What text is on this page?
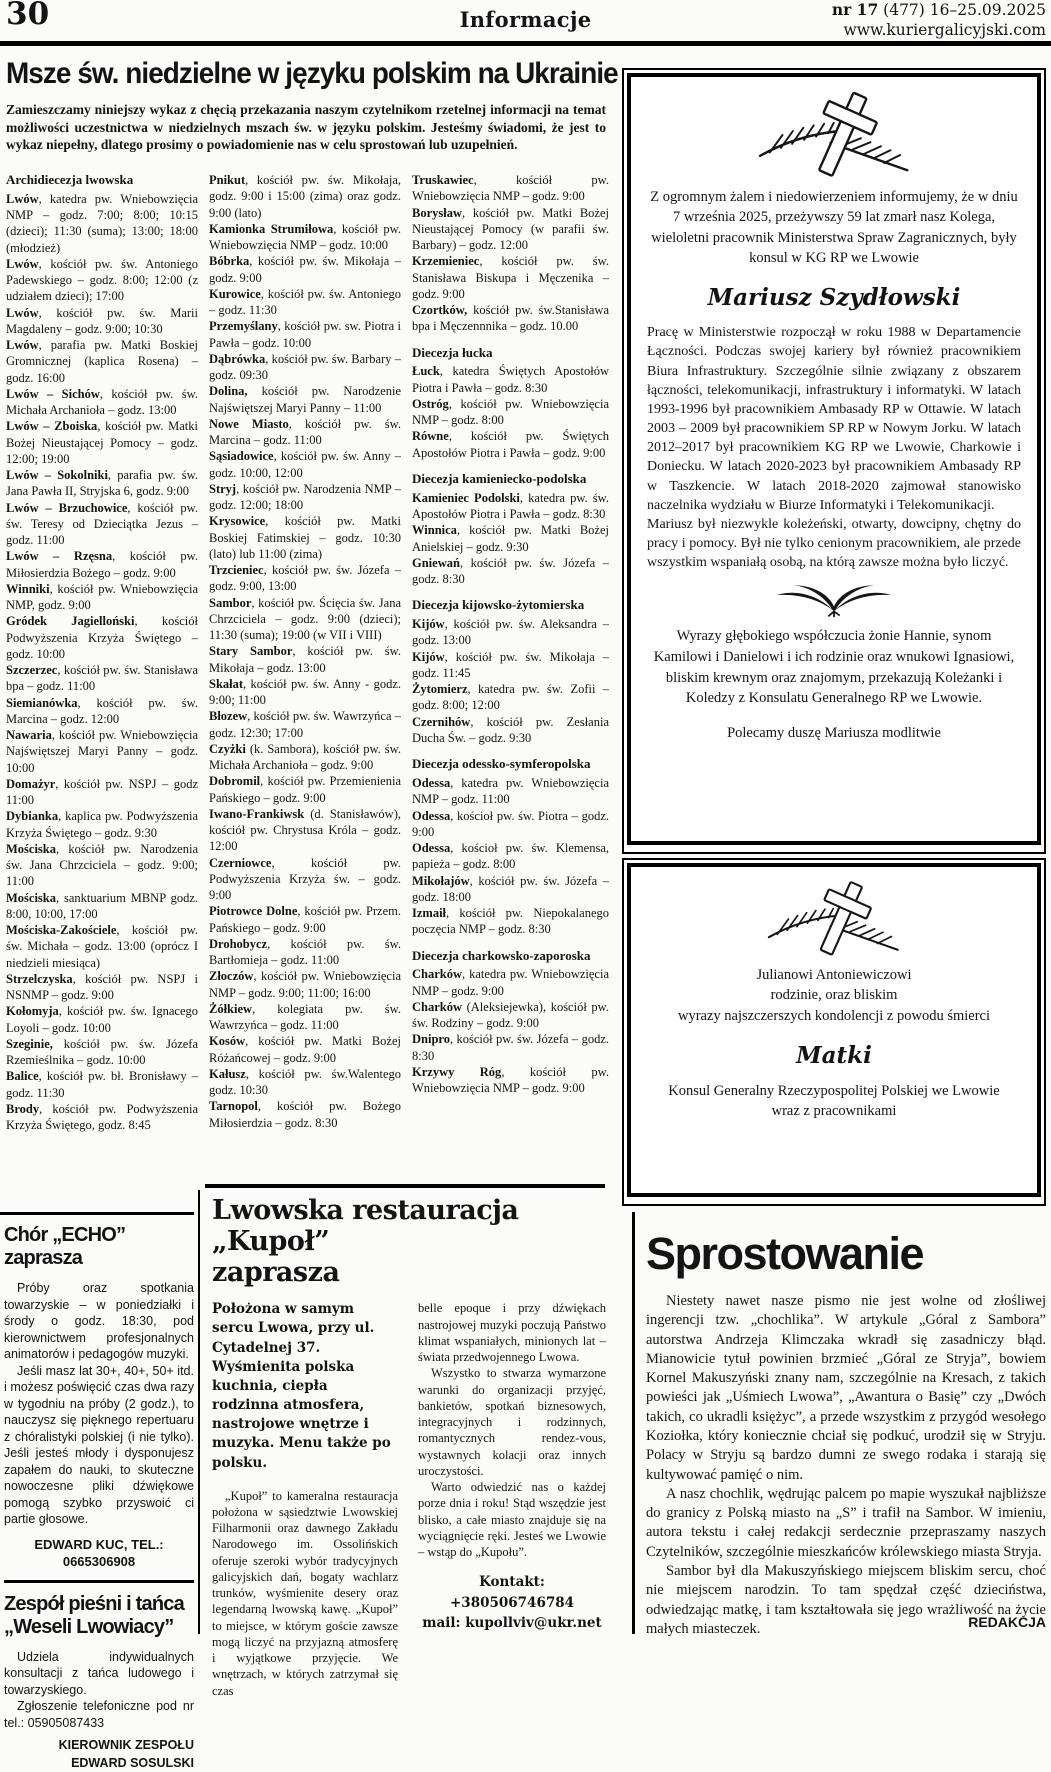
30	Informacje	nr 17 (477) 16–25.09.2025
www.kuriergalicyjski.com
Msze św. niedzielne w języku polskim na Ukrainie

Zamieszczamy niniejszy wykaz z chęcią przekazania naszym czytelnikom rzetelnej informacji na temat możliwości uczestnictwa w niedzielnych mszach św. w języku polskim. Jesteśmy świadomi, że jest to wykaz niepełny, dlatego prosimy o powiadomienie nas w celu sprostowań lub uzupełnień.

Archidiecezja lwowska
Lwów, katedra pw. Wniebowzięcia NMP – godz. 7:00; 8:00; 10:15 (dzieci); 11:30 (suma); 13:00; 18:00 (młodzież)
Lwów, kościół pw. św. Antoniego Padewskiego – godz. 8:00; 12:00 (z udziałem dzieci); 17:00
Lwów, kościół pw. św. Marii Magdaleny – godz. 9:00; 10:30
Lwów, parafia pw. Matki Boskiej Gromnicznej (kaplica Rosena) – godz. 16:00
Lwów – Sichów, kościół pw. św. Michała Archanioła – godz. 13:00
Lwów – Zboiska, kościół pw. Matki Bożej Nieustającej Pomocy – godz. 12:00; 19:00
Lwów – Sokolniki, parafia pw. św. Jana Pawła II, Stryjska 6, godz. 9:00
Lwów – Brzuchowice, kościół pw. św. Teresy od Dzieciątka Jezus – godz. 11:00
Lwów – Rzęsna, kościół pw. Miłosierdzia Bożego – godz. 9:00
Winniki, kościół pw. Wniebowzięcia NMP, godz. 9:00
Gródek Jagielloński, kościół Podwyższenia Krzyża Świętego – godz. 10:00
Szczerzec, kościół pw. św. Stanisława bpa – godz. 11:00
Siemianówka, kościół pw. św. Marcina – godz. 12:00
Nawaria, kościół pw. Wniebowzięcia Najświętszej Maryi Panny – godz. 10:00
Domażyr, kościół pw. NSPJ – godz 11:00
Dybianka, kaplica pw. Podwyższenia Krzyża Świętego – godz. 9:30
Mościska, kościół pw. Narodzenia św. Jana Chrzciciela – godz. 9:00; 11:00
Mościska, sanktuarium MBNP godz. 8:00, 10:00, 17:00
Mościska-Zakościele, kościół pw. św. Michała – godz. 13:00 (oprócz I niedzieli miesiąca)
Strzelczyska, kościół pw. NSPJ i NSNMP – godz. 9:00
Kołomyja, kościół pw. św. Ignacego Loyoli – godz. 10:00
Szeginie, kościół pw. św. Józefa Rzemieślnika – godz. 10:00
Balice, kościół pw. bł. Bronisławy – godz. 11:30
Brody, kościół pw. Podwyższenia Krzyża Świętego, godz. 8:45
Pnikut, kościół pw. św. Mikołaja, godz. 9:00 i 15:00 (zima) oraz godz. 9:00 (lato)
Kamionka Strumiłowa, kościół pw. Wniebowzięcia NMP – godz. 10:00
Bóbrka, kościół pw. św. Mikołaja – godz. 9:00
Kurowice, kościół pw. św. Antoniego – godz. 11:30
Przemyślany, kościół pw. sw. Piotra i Pawła – godz. 10:00
Dąbrówka, kościół pw. św. Barbary – godz. 09:30
Dolina, kościół pw. Narodzenie Najświętszej Maryi Panny – 11:00
Nowe Miasto, kościół pw. św. Marcina – godz. 11:00
Sąsiadowice, kościół pw. św. Anny – godz. 10:00, 12:00
Stryj, kościół pw. Narodzenia NMP – godz. 12:00; 18:00
Krysowice, kościół pw. Matki Boskiej Fatimskiej – godz. 10:30 (lato) lub 11:00 (zima)
Trzcieniec, kościół pw. św. Józefa – godz. 9:00, 13:00
Sambor, kościół pw. Ścięcia św. Jana Chrzciciela – godz. 9:00 (dzieci); 11:30 (suma); 19:00 (w VII i VIII)
Stary Sambor, kościół pw. św. Mikołaja – godz. 13:00
Skałat, kościół pw. św. Anny - godz. 9:00; 11:00
Błozew, kościół pw. św. Wawrzyńca – godz. 12:30; 17:00
Czyżki (k. Sambora), kościół pw. św. Michała Archanioła – godz. 9:00
Dobromil, kościół pw. Przemienienia Pańskiego – godz. 9:00
Iwano-Frankiwsk (d. Stanisławów), kościół pw. Chrystusa Króla – godz. 12:00
Czerniowce, kościół pw. Podwyższenia Krzyża św. – godz. 9:00
Piotrowce Dolne, kościół pw. Przem. Pańskiego – godz. 9:00
Drohobycz, kościół pw. św. Bartłomieja – godz. 11:00
Złoczów, kościół pw. Wniebowzięcia NMP – godz. 9:00; 11:00; 16:00
Żółkiew, kolegiata pw. św. Wawrzyńca – godz. 11:00
Kosów, kościół pw. Matki Bożej Różańcowej – godz. 9:00
Kałusz, kościół pw. św.Walentego godz. 10:30
Tarnopol, kościół pw. Bożego Miłosierdzia – godz. 8:30
Truskawiec, kościół pw. Wniebowzięcia NMP – godz. 9:00
Borysław, kościół pw. Matki Bożej Nieustającej Pomocy (w parafii św. Barbary) – godz. 12:00
Krzemieniec, kościół pw. św. Stanisława Biskupa i Męczenika – godz. 9:00
Czortków, kościół pw. św.Stanisława bpa i Męczennnika – godz. 10.00
Diecezja łucka
Łuck, katedra Świętych Apostołów Piotra i Pawła – godz. 8:30
Ostróg, kościół pw. Wniebowzięcia NMP – godz. 8:00
Równe, kościół pw. Świętych Apostołów Piotra i Pawła – godz. 9:00
Diecezja kamieniecko-podolska
Kamieniec Podolski, katedra pw. św. Apostołów Piotra i Pawła – godz. 8:30
Winnica, kościół pw. Matki Bożej Anielskiej – godz. 9:30
Gniewań, kościół pw. św. Józefa – godz. 8:30
Diecezja kijowsko-żytomierska
Kijów, kościół pw. św. Aleksandra – godz. 13:00
Kijów, kościół pw. św. Mikołaja – godz. 11:45
Żytomierz, katedra pw. św. Zofii – godz. 8:00; 12:00
Czernihów, kościół pw. Zesłania Ducha Św. – godz. 9:30
Diecezja odessko-symferopolska
Odessa, katedra pw. Wniebowzięcia NMP – godz. 11:00
Odessa, kościoł pw. św. Piotra – godz. 9:00
Odessa, kościoł pw. św. Klemensa, papieża – godz. 8:00
Mikołajów, kościół pw. św. Józefa – godz. 18:00
Izmaił, kościół pw. Niepokalanego poczęcia NMP – godz. 8:30
Diecezja charkowsko-zaporoska
Charków, katedra pw. Wniebowzięcia NMP – godz. 9:00
Charków (Aleksiejewka), kościół pw. św. Rodziny – godz. 9:00
Dnipro, kościół pw. św. Józefa – godz. 8:30
Krzywy Róg, kościół pw. Wniebowzięcia NMP – godz. 9:00

Z ogromnym żalem i niedowierzeniem informujemy, że w dniu 7 września 2025, przeżywszy 59 lat zmarł nasz Kolega, wieloletni pracownik Ministerstwa Spraw Zagranicznych, były konsul w KG RP we Lwowie

Mariusz Szydłowski

Pracę w Ministerstwie rozpoczął w roku 1988 w Departamencie Łączności. Podczas swojej kariery był również pracownikiem Biura Infrastruktury. Szczególnie silnie związany z obszarem łączności, telekomunikacji, infrastruktury i informatyki. W latach 1993-1996 był pracownikiem Ambasady RP w Ottawie. W latach 2003 – 2009 był pracownikiem SP RP w Nowym Jorku. W latach 2012–2017 był pracownikiem KG RP we Lwowie, Charkowie i Doniecku. W latach 2020-2023 był pracownikiem Ambasady RP w Taszkencie. W latach 2018-2020 zajmował stanowisko naczelnika wydziału w Biurze Informatyki i Telekomunikacji.

Mariusz był niezwykle koleżeński, otwarty, dowcipny, chętny do pracy i pomocy. Był nie tylko cenionym pracownikiem, ale przede wszystkim wspaniałą osobą, na którą zawsze można było liczyć.

Wyrazy głębokiego współczucia żonie Hannie, synom Kamilowi i Danielowi i ich rodzinie oraz wnukowi Ignasiowi, bliskim krewnym oraz znajomym, przekazują Koleżanki i Koledzy z Konsulatu Generalnego RP we Lwowie.

Polecamy duszę Mariusza modlitwie

Julianowi Antoniewiczowi

rodzinie, oraz bliskim

wyrazy najszczerszych kondolencji z powodu śmierci

Matki

Konsul Generalny Rzeczypospolitej Polskiej we Lwowie

wraz z pracownikami

Chór „ECHO” zaprasza

Próby oraz spotkania towarzyskie – w poniedziałki i środy o godz. 18:30, pod kierownictwem profesjonalnych animatorów i pedagogów muzyki.

Jeśli masz lat 30+, 40+, 50+ itd. i możesz poświęcić czas dwa razy w tygodniu na próby (2 godz.), to nauczysz się pięknego repertuaru z chóralistyki polskiej (i nie tylko). Jeśli jesteś młody i dysponujesz zapałem do nauki, to skuteczne nowoczesne pliki dźwiękowe pomogą szybko przyswoić ci partie głosowe.

EDWARD KUC, TEL.: 0665306908

Zespół pieśni i tańca
„Weseli Lwowiacy”

Udziela indywidualnych konsultacji z tańca ludowego i towarzyskiego.

Zgłoszenie telefoniczne pod nr tel.: 05905087433

KIEROWNIK ZESPOŁU
EDWARD SOSULSKI
Lwowska restauracja „Kupoł”
zaprasza

Położona w samym sercu Lwowa, przy ul. Cytadelnej 37. Wyśmienita polska kuchnia, ciepła rodzinna atmosfera, nastrojowe wnętrze i muzyka. Menu także po polsku.

„Kupoł” to kameralna restauracja położona w sąsiedztwie Lwowskiej Filharmonii oraz dawnego Zakładu Narodowego im. Ossolińskich oferuje szeroki wybór tradycyjnych galicyjskich dań, bogaty wachlarz trunków, wyśmienite desery oraz legendarną lwowską kawę. „Kupoł” to miejsce, w którym goście zawsze mogą liczyć na przyjazną atmosferę i wyjątkowe przyjęcie. We wnętrzach, w których zatrzymał się czas

belle epoque i przy dźwiękach nastrojowej muzyki poczują Państwo klimat wspaniałych, minionych lat – świata przedwojennego Lwowa.

Wszystko to stwarza wymarzone warunki do organizacji przyjęć, bankietów, spotkań biznesowych, integracyjnych i rodzinnych, romantycznych rendez-vous, wystawnych kolacji oraz innych uroczystości.

Warto odwiedzić nas o każdej porze dnia i roku! Stąd wszędzie jest blisko, a całe miasto znajduje się na wyciągnięcie ręki. Jesteś we Lwowie – wstąp do „Kupołu”.

Kontakt: +380506746784
mail: kupollviv@ukr.net
Sprostowanie

Niestety nawet nasze pismo nie jest wolne od złośliwej ingerencji tzw. „chochlika”. W artykule „Góral z Sambora” autorstwa Andrzeja Klimczaka wkradł się zasadniczy błąd. Mianowicie tytuł powinien brzmieć „Góral ze Stryja”, bowiem Kornel Makuszyński znany nam, szczególnie na Kresach, z takich powieści jak „Uśmiech Lwowa”, „Awantura o Basię” czy „Dwóch takich, co ukradli księżyc”, a przede wszystkim z przygód wesołego Koziołka, który koniecznie chciał się podkuć, urodził się w Stryju. Polacy w Stryju są bardzo dumni ze swego rodaka i starają się kultywować pamięć o nim.

A nasz chochlik, wędrując palcem po mapie wyszukał najbliższe do granicy z Polską miasto na „S” i trafił na Sambor. W imieniu, autora tekstu i całej redakcji serdecznie przepraszamy naszych Czytelników, szczególnie mieszkańców królewskiego miasta Stryja.

Sambor był dla Makuszyńskiego miejscem bliskim sercu, choć nie miejscem narodzin. To tam spędzał część dzieciństwa, odwiedzając matkę, i tam kształtowała się jego wrażliwość na życie małych miasteczek.	REDAKCJA
